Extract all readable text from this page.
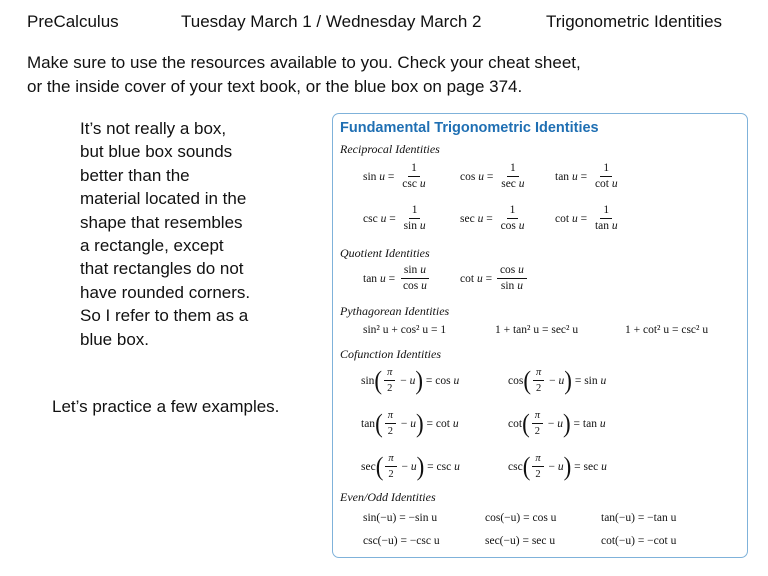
PreCalculus	Tuesday March 1 / Wednesday March 2	Trigonometric Identities
Make sure to use the resources available to you. Check your cheat sheet,
or the inside cover of your text book, or the blue box on page 374.
It’s not really a box,
but blue box sounds
better than the
material located in the
shape that resembles
a rectangle, except
that rectangles do not
have rounded corners.
So I refer to them as a
blue box.
Let’s practice a few examples.
Fundamental Trigonometric Identities
Reciprocal Identities
$\sin u = \frac{1}{\text{csc u}}$	$\cos u = \frac{1}{\text{sec u}}$ $\tan u = \frac{1}{\text{cot u}}$
$\csc u = \frac{1}{\text{sin u}}$	$\sec u = \frac{1}{\text{cos u}}$ $\cot u = \frac{1}{\text{tan u}}$
Quotient Identities
$\tan u = \frac{\text{sin u}}{\text{cos u}}$	$\cot u = \frac{\text{cos u}}{\text{sin u}}$
Pythagorean Identities
sin² u + cos² u = 1	1 + tan² u = sec² u	1 + cot² u = csc² u
Cofunction Identities
sin ( $\frac{\pi}{2} - u$ ) = cos u	cos ( $\frac{\pi}{2} - u$ ) = sin u
tan ( $\frac{\pi}{2} - u$ ) = cot u	cot ( $\frac{\pi}{2} - u$ ) = tan u
sec ( $\frac{\pi}{2} - u$ ) = csc u	csc ( $\frac{\pi}{2} - u$ ) = sec u
Even/Odd Identities
sin(−u) = −sin u	cos(−u) = cos u	tan(−u) = −tan u
csc(−u) = −csc u	sec(−u) = sec u	cot(−u) = −cot u
